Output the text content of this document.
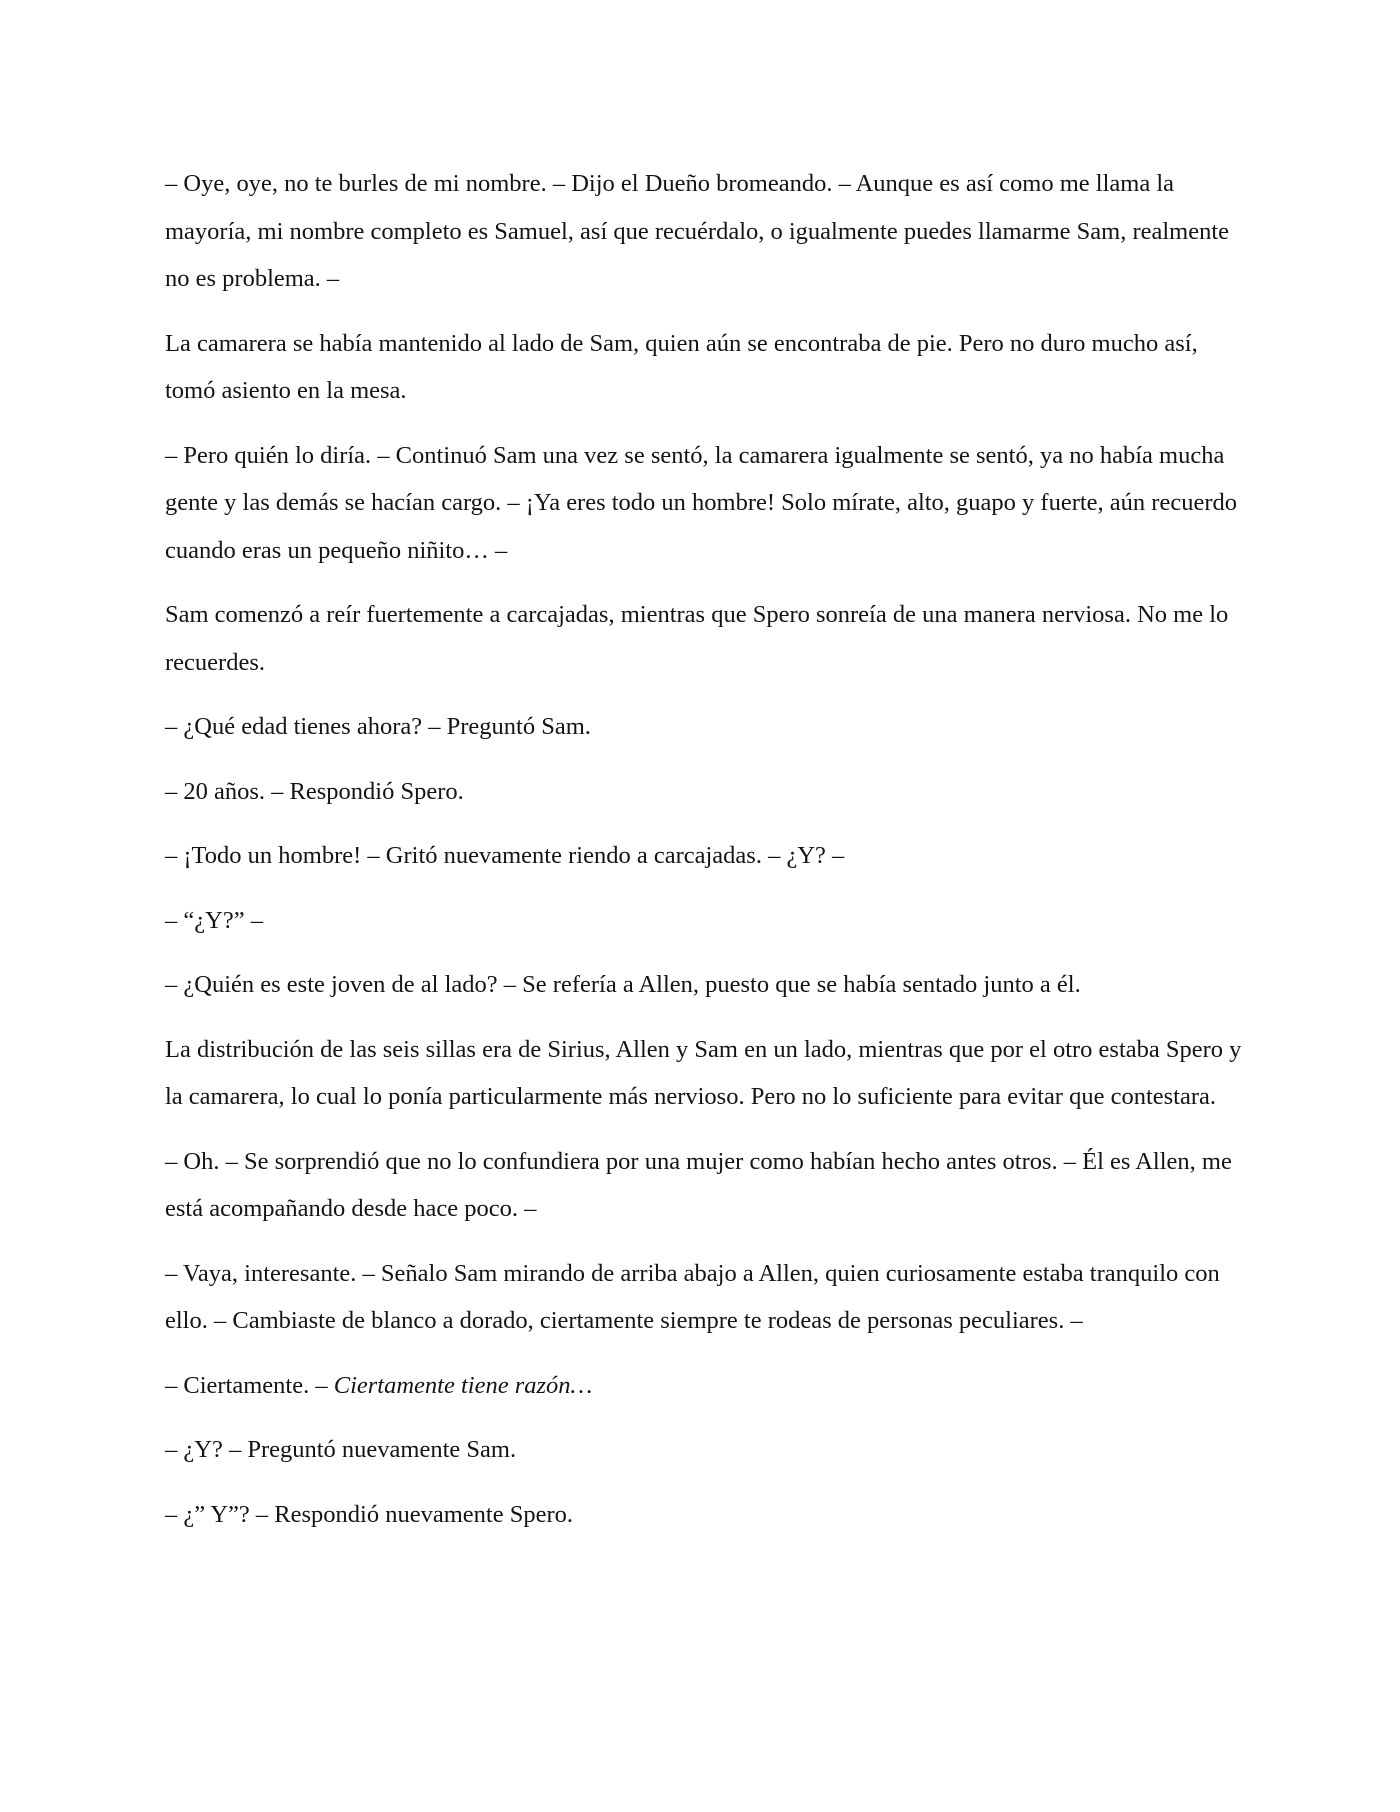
– Oye, oye, no te burles de mi nombre. – Dijo el Dueño bromeando. – Aunque es así como me llama la mayoría, mi nombre completo es Samuel, así que recuérdalo, o igualmente puedes llamarme Sam, realmente no es problema. –

La camarera se había mantenido al lado de Sam, quien aún se encontraba de pie. Pero no duro mucho así, tomó asiento en la mesa.

– Pero quién lo diría. – Continuó Sam una vez se sentó, la camarera igualmente se sentó, ya no había mucha gente y las demás se hacían cargo. – ¡Ya eres todo un hombre! Solo mírate, alto, guapo y fuerte, aún recuerdo cuando eras un pequeño niñito… –

Sam comenzó a reír fuertemente a carcajadas, mientras que Spero sonreía de una manera nerviosa. No me lo recuerdes.

– ¿Qué edad tienes ahora? – Preguntó Sam.

– 20 años. – Respondió Spero.

– ¡Todo un hombre! – Gritó nuevamente riendo a carcajadas. – ¿Y? –

– “¿Y?” –

– ¿Quién es este joven de al lado? – Se refería a Allen, puesto que se había sentado junto a él.

La distribución de las seis sillas era de Sirius, Allen y Sam en un lado, mientras que por el otro estaba Spero y la camarera, lo cual lo ponía particularmente más nervioso. Pero no lo suficiente para evitar que contestara.

– Oh. – Se sorprendió que no lo confundiera por una mujer como habían hecho antes otros. – Él es Allen, me está acompañando desde hace poco. –

– Vaya, interesante. – Señalo Sam mirando de arriba abajo a Allen, quien curiosamente estaba tranquilo con ello. – Cambiaste de blanco a dorado, ciertamente siempre te rodeas de personas peculiares. –

– Ciertamente. – Ciertamente tiene razón…

– ¿Y? – Preguntó nuevamente Sam.

– ¿” Y”? – Respondió nuevamente Spero.
